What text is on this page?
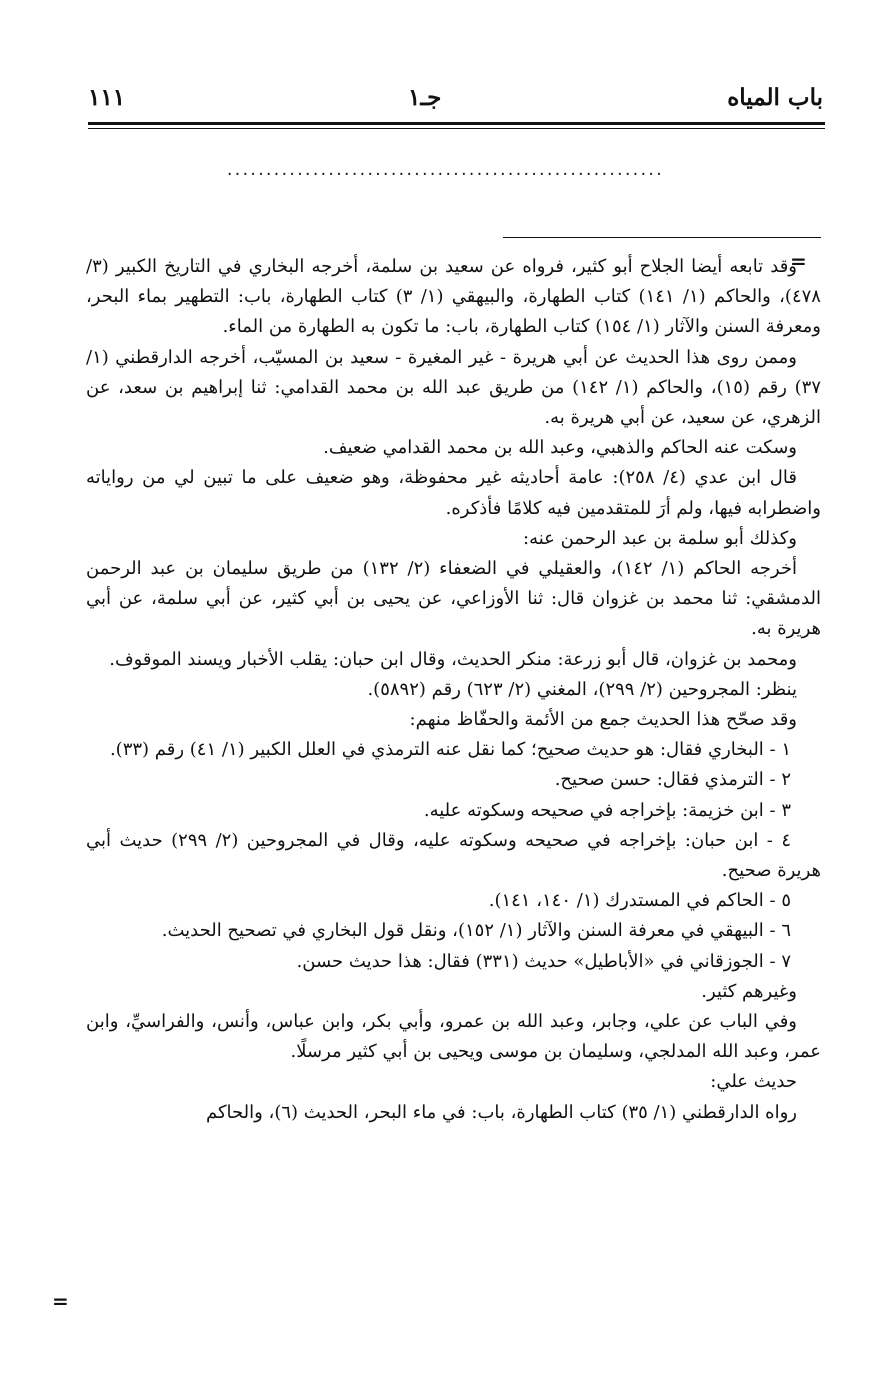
باب المياه
جـ١
١١١
........................................................
=

وقد تابعه أيضا الجلاح أبو كثير، فرواه عن سعيد بن سلمة، أخرجه البخاري في التاريخ الكبير (٣/ ٤٧٨)، والحاكم (١/ ١٤١) كتاب الطهارة، والبيهقي (١/ ٣) كتاب الطهارة، باب: التطهير بماء البحر، ومعرفة السنن والآثار (١/ ١٥٤) كتاب الطهارة، باب: ما تكون به الطهارة من الماء.

وممن روى هذا الحديث عن أبي هريرة - غير المغيرة - سعيد بن المسيّب، أخرجه الدارقطني (١/ ٣٧) رقم (١٥)، والحاكم (١/ ١٤٢) من طريق عبد الله بن محمد القدامي: ثنا إبراهيم بن سعد، عن الزهري، عن سعيد، عن أبي هريرة به.

وسكت عنه الحاكم والذهبي، وعبد الله بن محمد القدامي ضعيف.

قال ابن عدي (٤/ ٢٥٨): عامة أحاديثه غير محفوظة، وهو ضعيف على ما تبين لي من رواياته واضطرابه فيها، ولم أرَ للمتقدمين فيه كلامًا فأذكره.

وكذلك أبو سلمة بن عبد الرحمن عنه:

أخرجه الحاكم (١/ ١٤٢)، والعقيلي في الضعفاء (٢/ ١٣٢) من طريق سليمان بن عبد الرحمن الدمشقي: ثنا محمد بن غزوان قال: ثنا الأوزاعي، عن يحيى بن أبي كثير، عن أبي سلمة، عن أبي هريرة به.

ومحمد بن غزوان، قال أبو زرعة: منكر الحديث، وقال ابن حبان: يقلب الأخبار ويسند الموقوف.

ينظر: المجروحين (٢/ ٢٩٩)، المغني (٢/ ٦٢٣) رقم (٥٨٩٢).

وقد صحّح هذا الحديث جمع من الأئمة والحفّاظ منهم:

١ - البخاري فقال: هو حديث صحيح؛ كما نقل عنه الترمذي في العلل الكبير (١/ ٤١) رقم (٣٣).

٢ - الترمذي فقال: حسن صحيح.

٣ - ابن خزيمة: بإخراجه في صحيحه وسكوته عليه.

٤ - ابن حبان: بإخراجه في صحيحه وسكوته عليه، وقال في المجروحين (٢/ ٢٩٩) حديث أبي هريرة صحيح.

٥ - الحاكم في المستدرك (١/ ١٤٠، ١٤١).

٦ - البيهقي في معرفة السنن والآثار (١/ ١٥٢)، ونقل قول البخاري في تصحيح الحديث.

٧ - الجوزقاني في «الأباطيل» حديث (٣٣١) فقال: هذا حديث حسن.

وغيرهم كثير.

وفي الباب عن علي، وجابر، وعبد الله بن عمرو، وأبي بكر، وابن عباس، وأنس، والفراسيِّ، وابن عمر، وعبد الله المدلجي، وسليمان بن موسى ويحيى بن أبي كثير مرسلًا.

حديث علي:

رواه الدارقطني (١/ ٣٥) كتاب الطهارة، باب: في ماء البحر، الحديث (٦)، والحاكم

=
